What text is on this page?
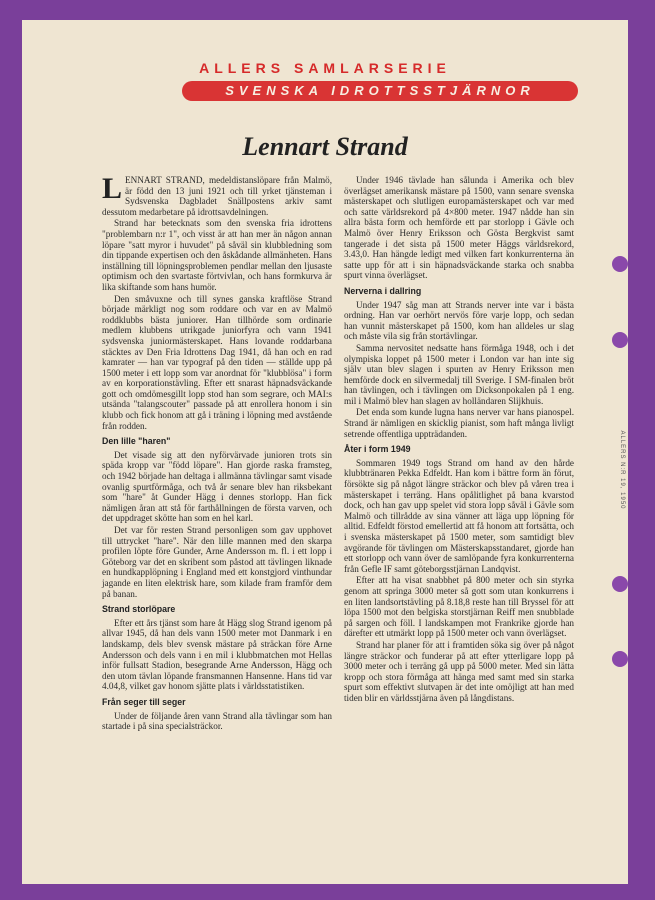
ALLERS SAMLARSERIE
SVENSKA IDROTTSSTJÄRNOR
Lennart Strand
ALLERS N:R 19, 1950

LENNART STRAND, medeldistanslöpare från Malmö, är född den 13 juni 1921 och till yrket tjänsteman i Sydsvenska Dagbladet Snällpostens arkiv samt dessutom medarbetare på idrottsavdelningen.

Strand har betecknats som den svenska fria idrottens "problembarn n:r 1", och visst är att han mer än någon annan löpare "satt myror i huvudet" på såväl sin klubbledning som din tippande expertisen och den åskådande allmänheten. Hans inställning till löpningsproblemen pendlar mellan den ljusaste optimism och den svartaste förtvivlan, och hans formkurva är lika skiftande som hans humör.

Den småvuxne och till synes ganska kraftlöse Strand började märkligt nog som roddare och var en av Malmö roddklubbs bästa juniorer. Han tillhörde som ordinarie medlem klubbens utrikgade juniorfyra och vann 1941 sydsvenska juniormästerskapet. Hans lovande roddarbana stäcktes av Den Fria Idrottens Dag 1941, då han och en rad kamrater — han var typograf på den tiden — ställde upp på 1500 meter i ett lopp som var anordnat för "klubblösa" i form av en korporationstävling. Efter ett snarast häpnadsväckande gott och omdömesgillt lopp stod han som segrare, och MAI:s utsända "talangscouter" passade på att enrollera honom i sin klubb och fick honom att gå i träning i löpning med avstående från rodden.

Den lille "haren"

Det visade sig att den nyförvärvade junioren trots sin späda kropp var "född löpare". Han gjorde raska framsteg, och 1942 började han deltaga i allmänna tävlingar samt visade ovanlig spurtförmåga, och två år senare blev han riksbekant som "hare" åt Gunder Hägg i dennes storlopp. Han fick nämligen åran att stå för farthållningen de första varven, och det uppdraget skötte han som en hel karl.

Det var för resten Strand personligen som gav upphovet till uttrycket "hare". När den lille mannen med den skarpa profilen löpte före Gunder, Arne Andersson m. fl. i ett lopp i Göteborg var det en skribent som påstod att tävlingen liknade en hundkapplöpning i England med ett konstgjord vinthundar jagande en liten elektrisk hare, som kilade fram framför dem på banan.

Strand storlöpare

Efter ett års tjänst som hare åt Hägg slog Strand igenom på allvar 1945, då han dels vann 1500 meter mot Danmark i en landskamp, dels blev svensk mästare på sträckan före Arne Andersson och dels vann i en mil i klubbmatchen mot Hellas inför fullsatt Stadion, besegrande Arne Andersson, Hägg och den utom tävlan löpande fransmannen Hansenne. Hans tid var 4.04,8, vilket gav honom sjätte plats i världsstatistiken.

Från seger till seger

Under de följande åren vann Strand alla tävlingar som han startade i på sina specialsträckor.

Under 1946 tävlade han sålunda i Amerika och blev överlägset amerikansk mästare på 1500, vann senare svenska mästerskapet och slutligen europamästerskapet och var med och satte världsrekord på 4×800 meter. 1947 nådde han sin allra bästa form och hemförde ett par storlopp i Gävle och Malmö över Henry Eriksson och Gösta Bergkvist samt tangerade i det sista på 1500 meter Häggs världsrekord, 3.43,0. Han hängde ledigt med vilken fart konkurrenterna än satte upp för att i sin häpnadsväckande starka och snabba spurt vinna överlägset.

Nerverna i dallring

Under 1947 såg man att Strands nerver inte var i bästa ordning. Han var oerhört nervös före varje lopp, och sedan han vunnit mästerskapet på 1500, kom han alldeles ur slag och måste vila sig från stortävlingar.

Samma nervositet nedsatte hans förmåga 1948, och i det olympiska loppet på 1500 meter i London var han inte sig själv utan blev slagen i spurten av Henry Eriksson men hemförde dock en silvermedalj till Sverige. I SM-finalen bröt han tävlingen, och i tävlingen om Dicksonpokalen på 1 eng. mil i Malmö blev han slagen av holländaren Slijkhuis.

Det enda som kunde lugna hans nerver var hans pianospel. Strand är nämligen en skicklig pianist, som haft många livligt setrende offentliga uppträdanden.

Åter i form 1949

Sommaren 1949 togs Strand om hand av den hårde klubbtränaren Pekka Edfeldt. Han kom i bättre form än förut, försökte sig på något längre sträckor och blev på våren trea i mästerskapet i terräng. Hans opålitlighet på bana kvarstod dock, och han gav upp spelet vid stora lopp såväl i Gävle som Malmö och tillrådde av sina vänner att läga upp löpning för alltid. Edfeldt förstod emellertid att få honom att fortsätta, och i svenska mästerskapet på 1500 meter, som samtidigt blev avgörande för tävlingen om Mästerskapsstandaret, gjorde han ett storlopp och vann över de samlöpande fyra konkurrenterna från Gefle IF samt göteborgsstjärnan Landqvist.

Efter att ha visat snabbhet på 800 meter och sin styrka genom att springa 3000 meter så gott som utan konkurrens i en liten landsortstävling på 8.18,8 reste han till Bryssel för att löpa 1500 mot den belgiska storstjärnan Reiff men snubblade på sargen och föll. I landskampen mot Frankrike gjorde han därefter ett utmärkt lopp på 1500 meter och vann överlägset.

Strand har planer för att i framtiden söka sig över på något längre sträckor och funderar på att efter ytterligare lopp på 3000 meter och i terräng gå upp på 5000 meter. Med sin lätta kropp och stora förmåga att hänga med samt med sin starka spurt som effektivt slutvapen är det inte omöjligt att han med tiden blir en världsstjärna även på långdistans.
